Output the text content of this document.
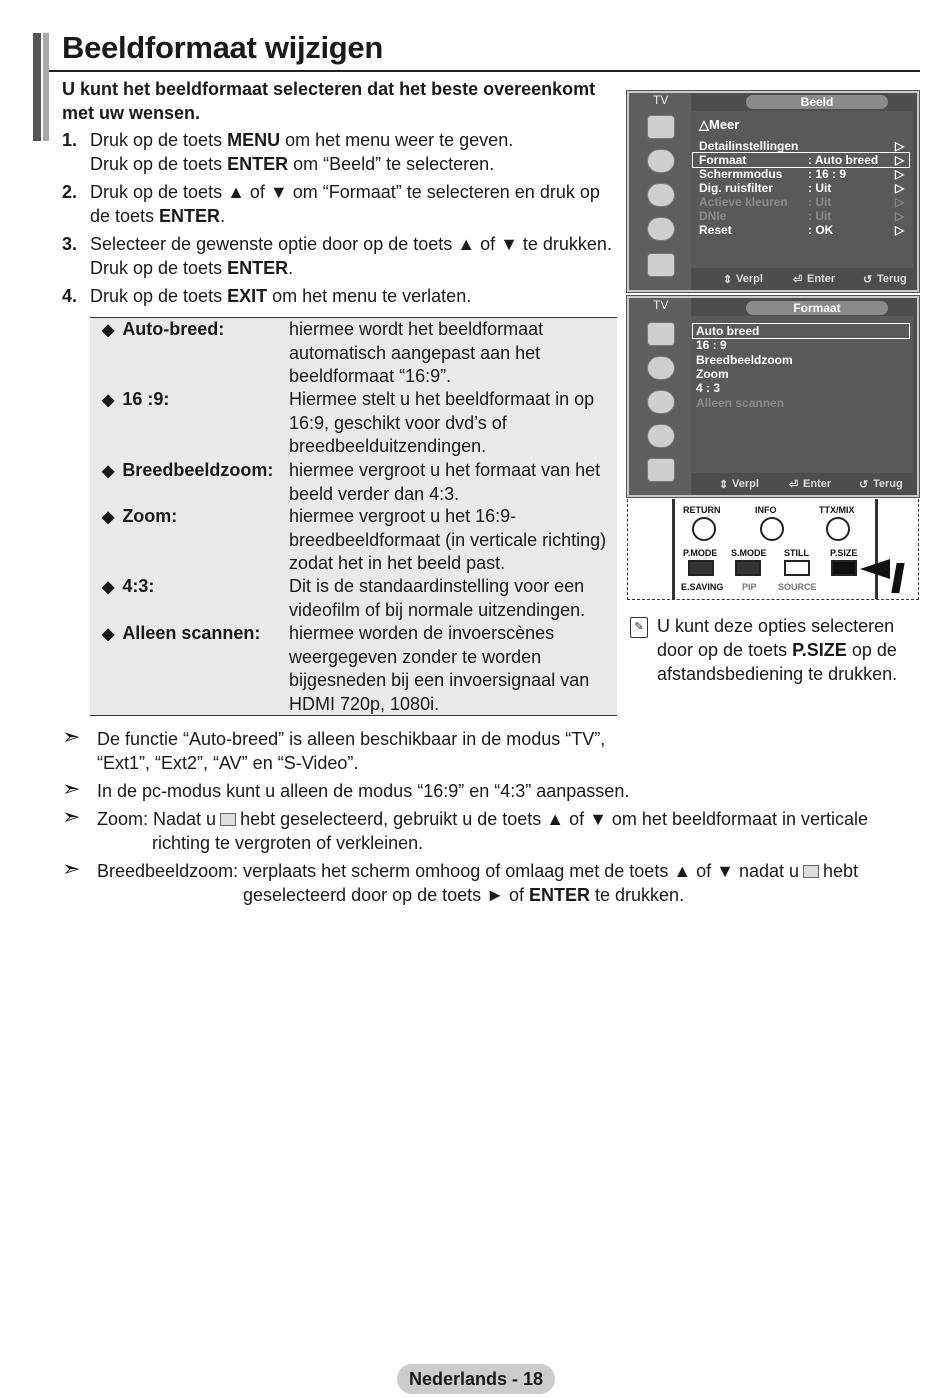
Beeldformaat wijzigen
U kunt het beeldformaat selecteren dat het beste overeenkomt met uw wensen.
1. Druk op de toets MENU om het menu weer te geven.
Druk op de toets ENTER om “Beeld” te selecteren.
2. Druk op de toets ▲ of ▼ om “Formaat” te selecteren en druk op de toets ENTER.
3. Selecteer de gewenste optie door op de toets ▲ of ▼ te drukken. Druk op de toets ENTER.
4. Druk op de toets EXIT om het menu te verlaten.
◆ Auto-breed:	hiermee wordt het beeldformaat automatisch aangepast aan het beeldformaat “16:9”.
◆ 16 :9:	Hiermee stelt u het beeldformaat in op 16:9, geschikt voor dvd’s of breedbeelduitzendingen.
◆ Breedbeeldzoom: hiermee vergroot u het formaat van het beeld verder dan 4:3.
◆ Zoom:	hiermee vergroot u het 16:9-breedbeeldformaat (in verticale richting) zodat het in het beeld past.
◆ 4:3:	Dit is de standaardinstelling voor een videofilm of bij normale uitzendingen.
◆ Alleen scannen: hiermee worden de invoerscènes weergegeven zonder te worden bijgesneden bij een invoersignaal van HDMI 720p, 1080i.
➣ De functie “Auto-breed” is alleen beschikbaar in de modus “TV”,
“Ext1”, “Ext2”, “AV” en “S-Video”.
➣ In de pc-modus kunt u alleen de modus “16:9” en “4:3” aanpassen.
➣ Zoom: Nadat u hebt geselecteerd, gebruikt u de toets ▲ of ▼ om het beeldformaat in verticale
richting te vergroten of verkleinen.
➣ Breedbeeldzoom: verplaats het scherm omhoog of omlaag met de toets ▲ of ▼ nadat u hebt
geselecteerd door op de toets ► of ENTER te drukken.
TV	Beeld
△Meer
Detailinstellingen	▷
Formaat	: Auto breed ▷
Schermmodus : 16 : 9	▷
Dig. ruisfilter	: Uit	▷
Actieve kleuren : Uit	▷
DNIe	: Uit	▷
Reset	: OK	▷
⇕ Verpl	⏎ Enter	↺ Terug
TV	Formaat
Auto breed
16 : 9
Breedbeeldzoom
Zoom
4 : 3
Alleen scannen
⇕ Verpl	⏎ Enter	↺ Terug
RETURN	INFO	TTX/MIX
P.MODE S.MODE STILL P.SIZE
E.SAVING PIP SOURCE
✎ U kunt deze opties selecteren door op de toets P.SIZE op de afstandsbediening te drukken.
Nederlands - 18
